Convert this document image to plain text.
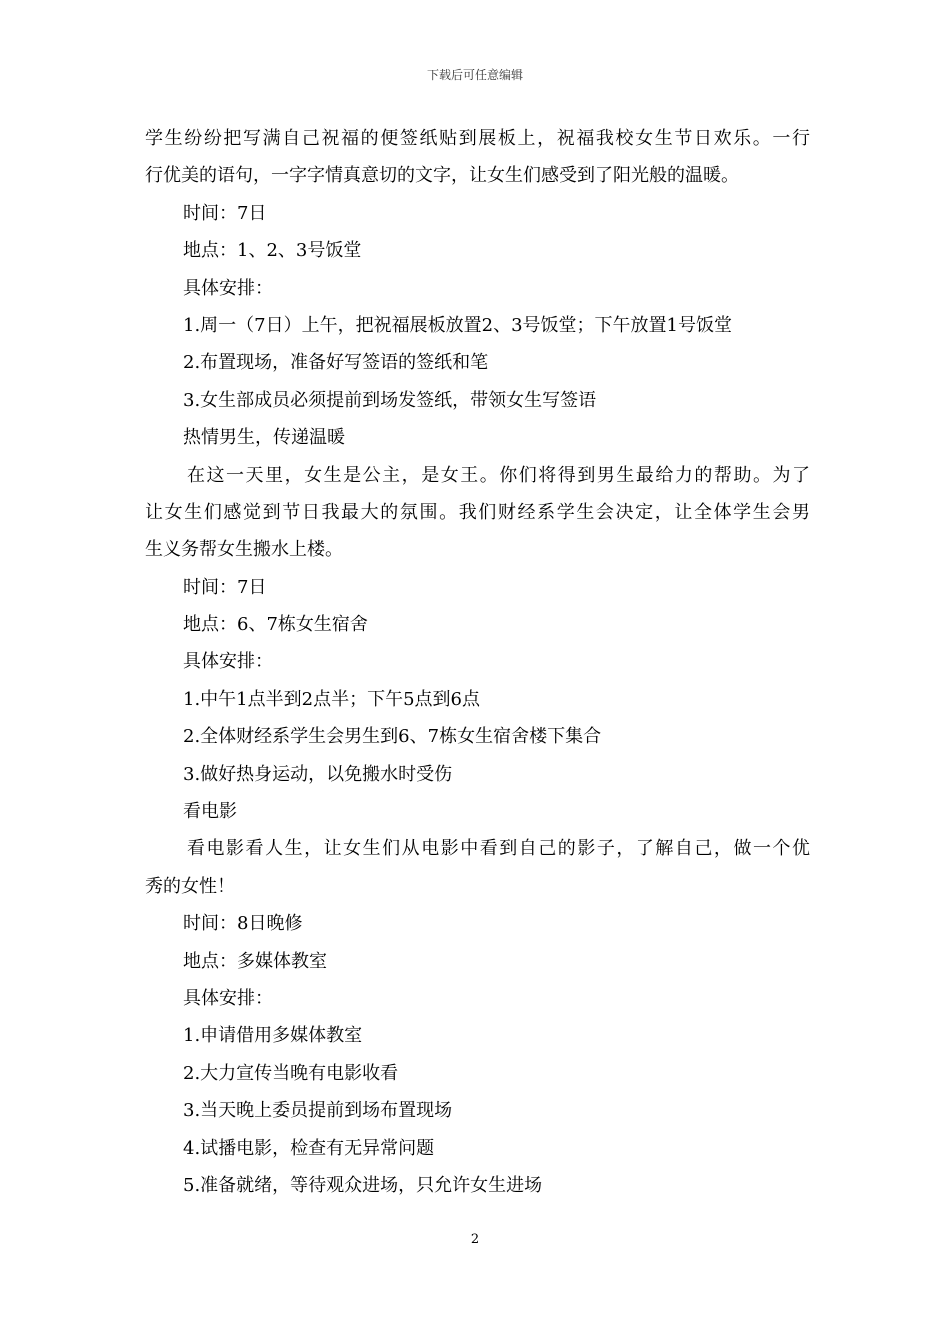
下载后可任意编辑
学生纷纷把写满自己祝福的便签纸贴到展板上，祝福我校女生节日欢乐。一行
行优美的语句，一字字情真意切的文字，让女生们感受到了阳光般的温暖。
时间：7日
地点：1、2、3号饭堂
具体安排：
1.周一（7日）上午，把祝福展板放置2、3号饭堂；下午放置1号饭堂
2.布置现场，准备好写签语的签纸和笔
3.女生部成员必须提前到场发签纸，带领女生写签语
热情男生，传递温暖
在这一天里，女生是公主，是女王。你们将得到男生最给力的帮助。为了
让女生们感觉到节日我最大的氛围。我们财经系学生会决定，让全体学生会男
生义务帮女生搬水上楼。
时间：7日
地点：6、7栋女生宿舍
具体安排：
1.中午1点半到2点半；下午5点到6点
2.全体财经系学生会男生到6、7栋女生宿舍楼下集合
3.做好热身运动，以免搬水时受伤
看电影
看电影看人生，让女生们从电影中看到自己的影子，了解自己，做一个优
秀的女性！
时间：8日晚修
地点：多媒体教室
具体安排：
1.申请借用多媒体教室
2.大力宣传当晚有电影收看
3.当天晚上委员提前到场布置现场
4.试播电影，检查有无异常问题
5.准备就绪，等待观众进场，只允许女生进场
2
